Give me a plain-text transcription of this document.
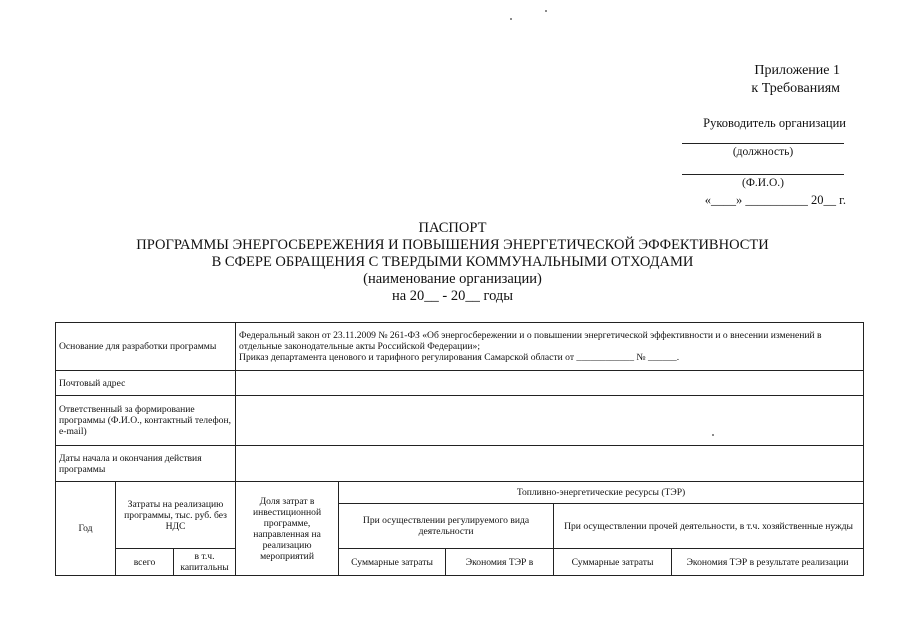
Приложение 1
к Требованиям
Руководитель организации
(должность)
(Ф.И.О.)
«____» __________ 20__ г.
ПАСПОРТ
ПРОГРАММЫ ЭНЕРГОСБЕРЕЖЕНИЯ И ПОВЫШЕНИЯ ЭНЕРГЕТИЧЕСКОЙ ЭФФЕКТИВНОСТИ
В СФЕРЕ ОБРАЩЕНИЯ С ТВЕРДЫМИ КОММУНАЛЬНЫМИ ОТХОДАМИ
(наименование организации)
на 20__ - 20__ годы
Основание для разработки программы			Федеральный закон от 23.11.2009 № 261-ФЗ «Об энергосбережении и о повышении энергетической эффективности и о внесении изменений в отдельные законодательные акты Российской Федерации»;
Приказ департамента ценового и тарифного регулирования Самарской области от ____________ № ______.				

Почтовый адрес							
Ответственный за формирование программы (Ф.И.О., контактный телефон, e-mail)							
Даты начала и окончания действия программы							
Год	Затраты на реализацию программы, тыс. руб. без НДС		Доля затрат в инвестиционной программе, направленная на реализацию мероприятий	Топливно-энергетические ресурсы (ТЭР)			
				При осуществлении регулируемого вида деятельности		При осуществлении прочей деятельности, в т.ч. хозяйственные нужды	
	всего	в т.ч. капитальны		Суммарные затраты	Экономия ТЭР в	Суммарные затраты	Экономия ТЭР в результате реализации
